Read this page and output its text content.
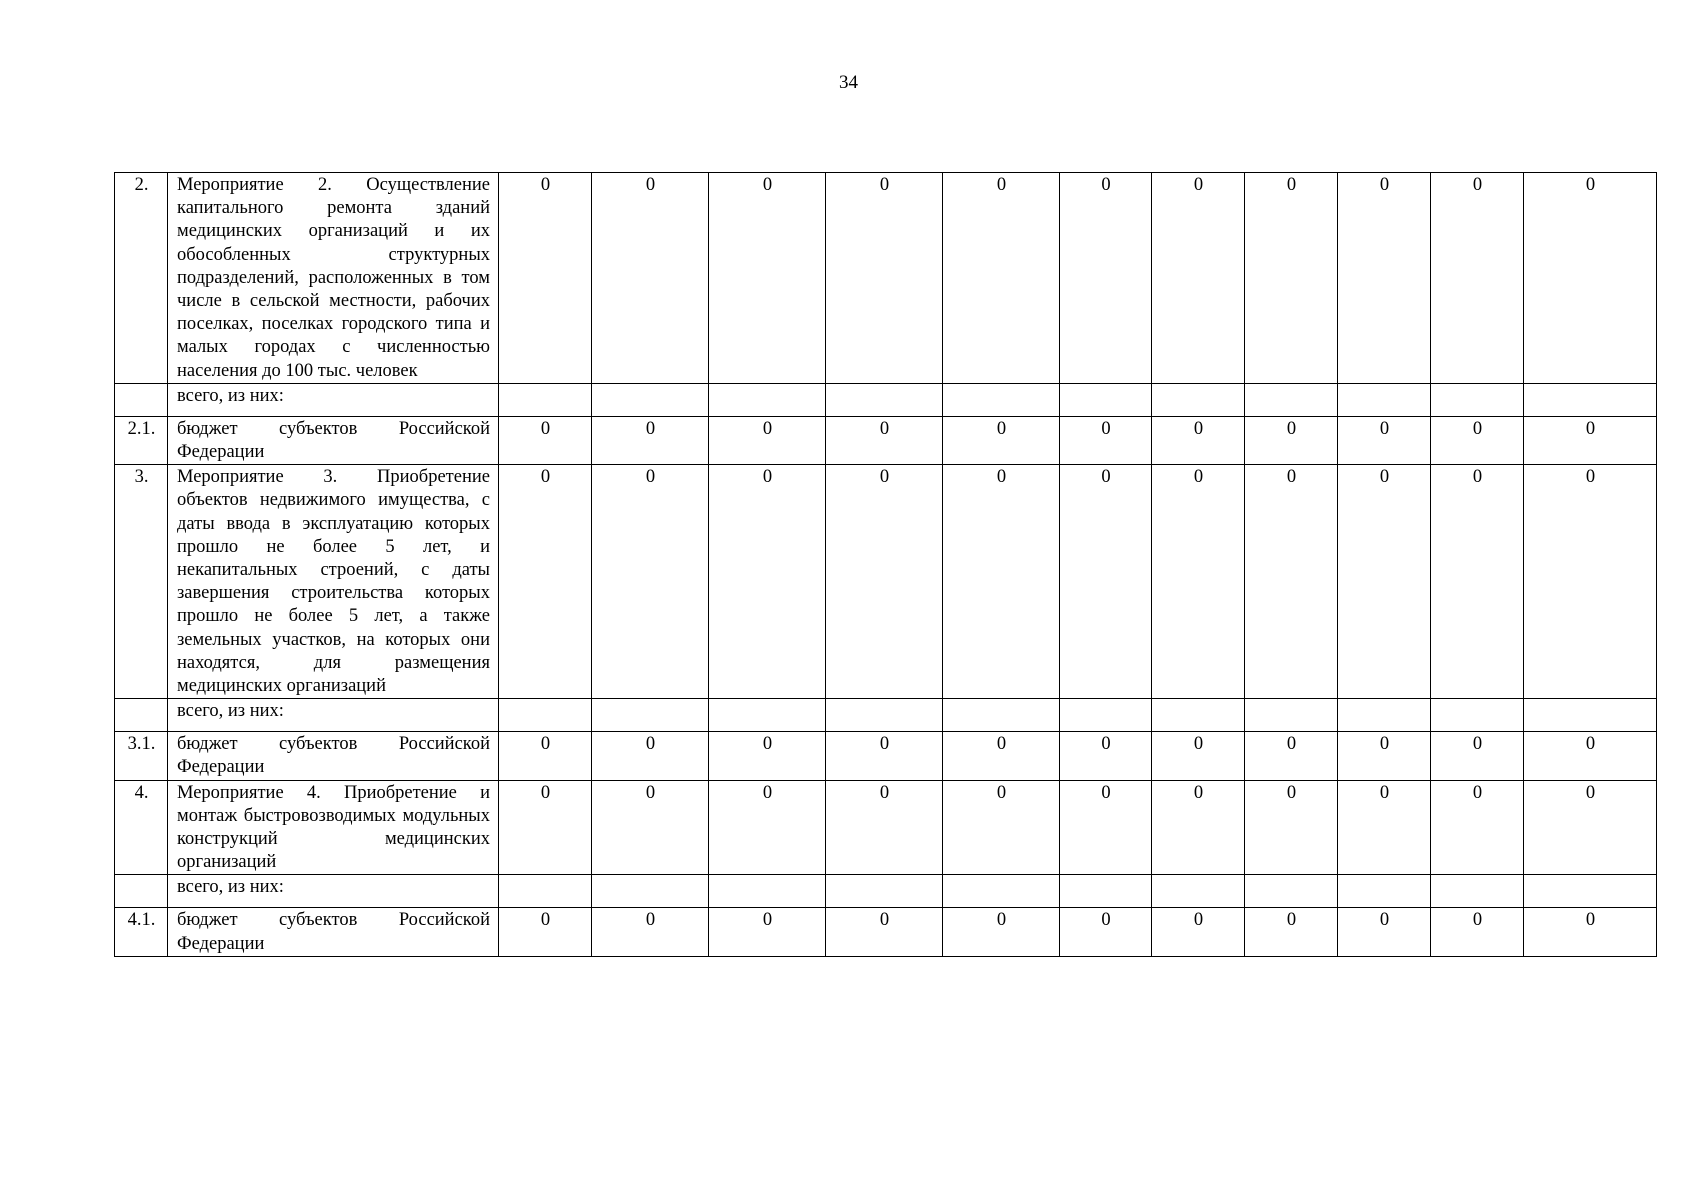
34
2.	Мероприятие 2. Осуществление капитального ремонта зданий медицинских организаций и их обособленных структурных подразделений, расположенных в том числе в сельской местности, рабочих поселках, поселках городского типа и малых городах с численностью населения до 100 тыс. человек	0	0	0	0	0	0	0	0	0	0	0
	всего, из них:											
2.1.	бюджет субъектов Российской Федерации	0	0	0	0	0	0	0	0	0	0	0
3.	Мероприятие 3. Приобретение объектов недвижимого имущества, с даты ввода в эксплуатацию которых прошло не более 5 лет, и некапитальных строений, с даты завершения строительства которых прошло не более 5 лет, а также земельных участков, на которых они находятся, для размещения медицинских организаций	0	0	0	0	0	0	0	0	0	0	0
	всего, из них:											
3.1.	бюджет субъектов Российской Федерации	0	0	0	0	0	0	0	0	0	0	0
4.	Мероприятие 4. Приобретение и монтаж быстровозводимых модульных конструкций медицинских организаций	0	0	0	0	0	0	0	0	0	0	0
	всего, из них:											
4.1.	бюджет субъектов Российской Федерации	0	0	0	0	0	0	0	0	0	0	0
